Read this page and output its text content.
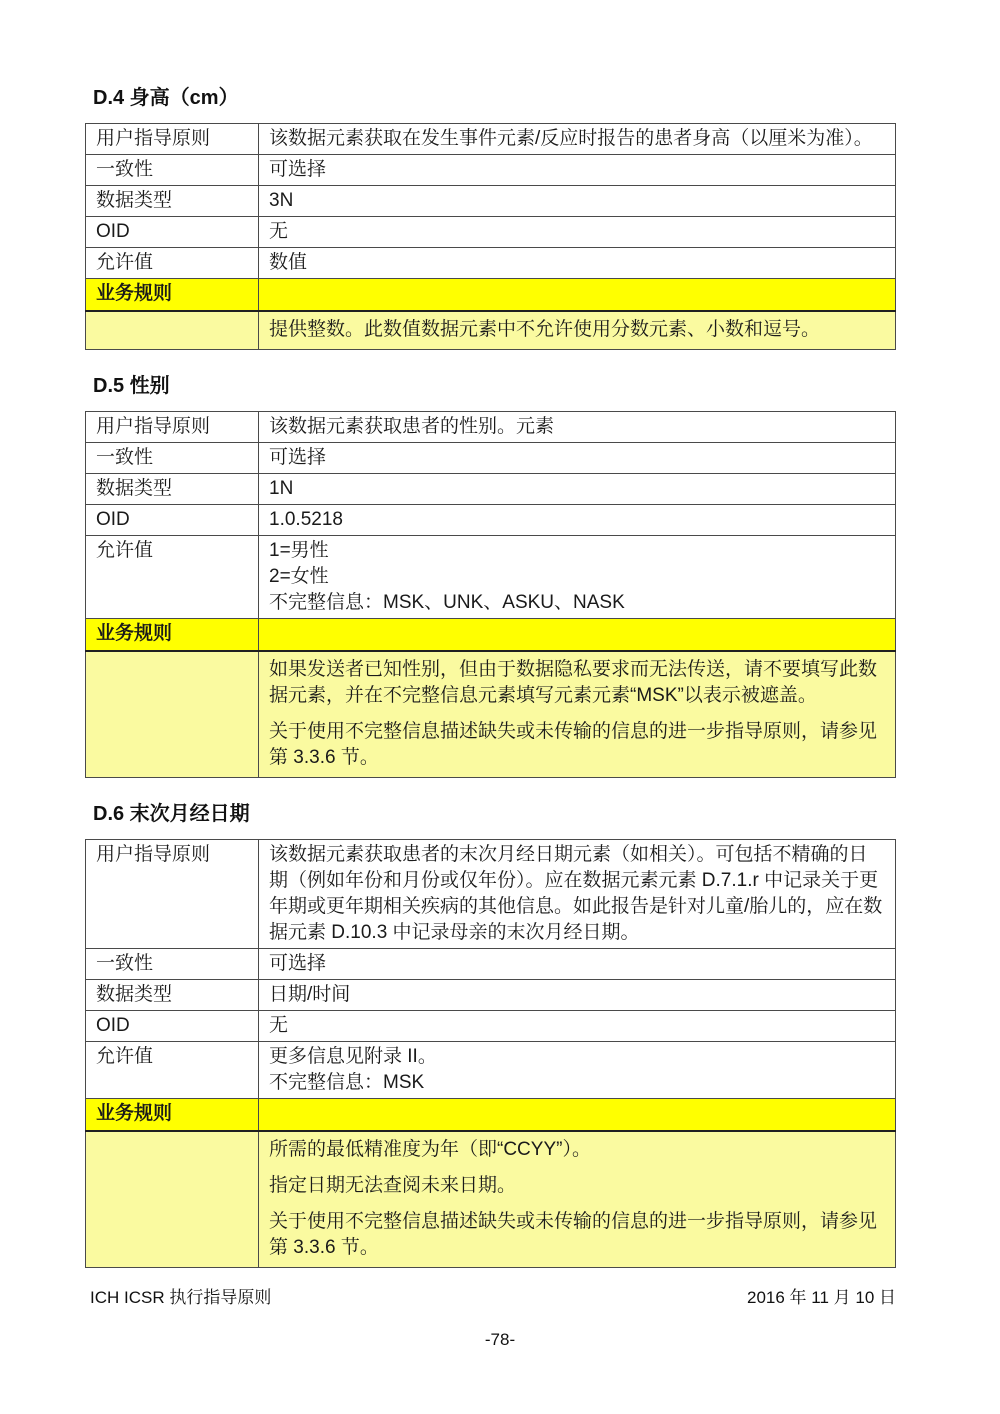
D.4 身高（cm）
用户指导原则	该数据元素获取在发生事件元素/反应时报告的患者身高（以厘米为准）。

一致性	可选择

数据类型	3N

OID	无

允许值	数值

业务规则	

	提供整数。此数值数据元素中不允许使用分数元素、小数和逗号。
D.5 性别
用户指导原则	该数据元素获取患者的性别。元素

一致性	可选择

数据类型	1N

OID	1.0.5218

允许值	1=男性
2=女性
不完整信息：MSK、UNK、ASKU、NASK

业务规则	

	如果发送者已知性别，但由于数据隐私要求而无法传送，请不要填写此数据元素，并在不完整信息元素填写元素元素“MSK”以表示被遮盖。
关于使用不完整信息描述缺失或未传输的信息的进一步指导原则，请参见第 3.3.6 节。
D.6 末次月经日期
用户指导原则	该数据元素获取患者的末次月经日期元素（如相关）。可包括不精确的日期（例如年份和月份或仅年份）。应在数据元素元素 D.7.1.r 中记录关于更年期或更年期相关疾病的其他信息。如此报告是针对儿童/胎儿的，应在数据元素 D.10.3 中记录母亲的末次月经日期。

一致性	可选择

数据类型	日期/时间

OID	无

允许值	更多信息见附录 II。
不完整信息：MSK

业务规则	

	所需的最低精准度为年（即“CCYY”）。
指定日期无法查阅未来日期。
关于使用不完整信息描述缺失或未传输的信息的进一步指导原则，请参见第 3.3.6 节。
ICH ICSR 执行指导原则	2016 年 11 月 10 日
-78-
